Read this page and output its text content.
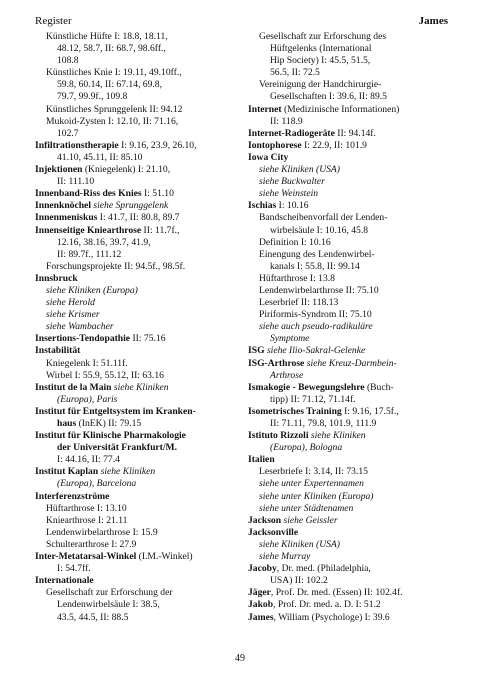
Register	James
Künstliche Hüfte I: 18.8, 18.11,
48.12, 58.7, II: 68.7, 98.6ff.,
108.8
Künstliches Knie I: 19.11, 49.10ff.,
59.8, 60.14, II: 67.14, 69.8,
79.7, 99.9f., 109.8
Künstliches Sprunggelenk II: 94.12
Mukoid-Zysten I: 12.10, II: 71.16,
102.7
Infiltrationstherapie I: 9.16, 23.9, 26.10,
41.10, 45.11, II: 85.10
Injektionen (Kniegelenk) I: 21.10,
II: 111.10
Innenband-Riss des Knies I: 51.10
Innenknöchel siehe Sprunggelenk
Innenmeniskus I: 41.7, II: 80.8, 89.7
Innenseitige Kniearthrose II: 11.7f.,
12.16, 38.16, 39.7, 41.9,
II: 89.7f., 111.12
Forschungsprojekte II: 94.5f., 98.5f.
Innsbruck
siehe Kliniken (Europa)
siehe Herold
siehe Krismer
siehe Wambacher
Insertions-Tendopathie II: 75.16
Instabilität
Kniegelenk I: 51.11f.
Wirbel I: 55.9, 55.12, II: 63.16
Institut de la Main siehe Kliniken
(Europa), Paris
Institut für Entgeltsystem im Kranken-
haus (InEK) II: 79.15
Institut für Klinische Pharmakologie
der Universität Frankfurt/M.
I: 44.16, II: 77.4
Institut Kaplan siehe Kliniken
(Europa), Barcelona
Interferenzströme
Hüftarthrose I: 13.10
Kniearthrose I: 21.11
Lendenwirbelarthrose I: 15.9
Schulterarthrose I: 27.9
Inter-Metatarsal-Winkel (I.M.-Winkel)
I: 54.7ff.
Internationale
Gesellschaft zur Erforschung der
Lendenwirbelsäule I: 38.5,
43.5, 44.5, II: 88.5
Gesellschaft zur Erforschung des
Hüftgelenks (International
Hip Society) I: 45.5, 51.5,
56.5, II: 72.5
Vereinigung der Handchirurgie-
Gesellschaften I: 39.6, II: 89.5
Internet (Medizinische Informationen)
II: 118.9
Internet-Radiogeräte II: 94.14f.
Iontophorese I: 22.9, II: 101.9
Iowa City
siehe Kliniken (USA)
siehe Buckwalter
siehe Weinstein
Ischias I: 10.16
Bandscheibenvorfall der Lenden-
wirbelsäule I: 10.16, 45.8
Definition I: 10.16
Einengung des Lendenwirbel-
kanals I: 55.8, II: 99.14
Hüftarthrose I: 13.8
Lendenwirbelarthrose II: 75.10
Leserbrief II: 118.13
Piriformis-Syndrom II: 75.10
siehe auch pseudo-radikuläre
Symptome
ISG siehe Ilio-Sakral-Gelenke
ISG-Arthrose siehe Kreuz-Darmbein-
Arthrose
Ismakogie - Bewegungslehre (Buch-
tipp) II: 71.12, 71.14f.
Isometrisches Training I: 9.16, 17.5f.,
II: 71.11, 79.8, 101.9, 111.9
Istituto Rizzoli siehe Kliniken
(Europa), Bologna
Italien
Leserbriefe I: 3.14, II: 73.15
siehe unter Expertennamen
siehe unter Kliniken (Europa)
siehe unter Städtenamen
Jackson siehe Geissler
Jacksonville
siehe Kliniken (USA)
siehe Murray
Jacoby, Dr. med. (Philadelphia,
USA) II: 102.2
Jäger, Prof. Dr. med. (Essen) II: 102.4f.
Jakob, Prof. Dr. med. a. D. I: 51.2
James, William (Psychologe) I: 39.6
49
